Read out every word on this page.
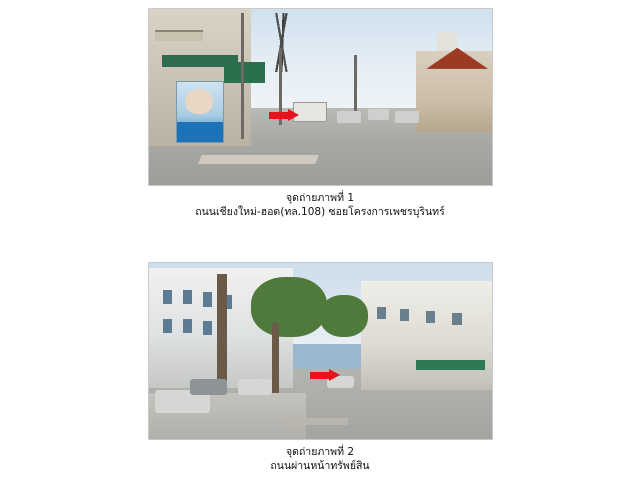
จุดถ่ายภาพที่ 1
ถนนเชียงใหม่-ฮอด(ทล.108) ซอยโครงการเพชรบุรินทร์
จุดถ่ายภาพที่ 2
ถนนผ่านหน้าทรัพย์สิน
